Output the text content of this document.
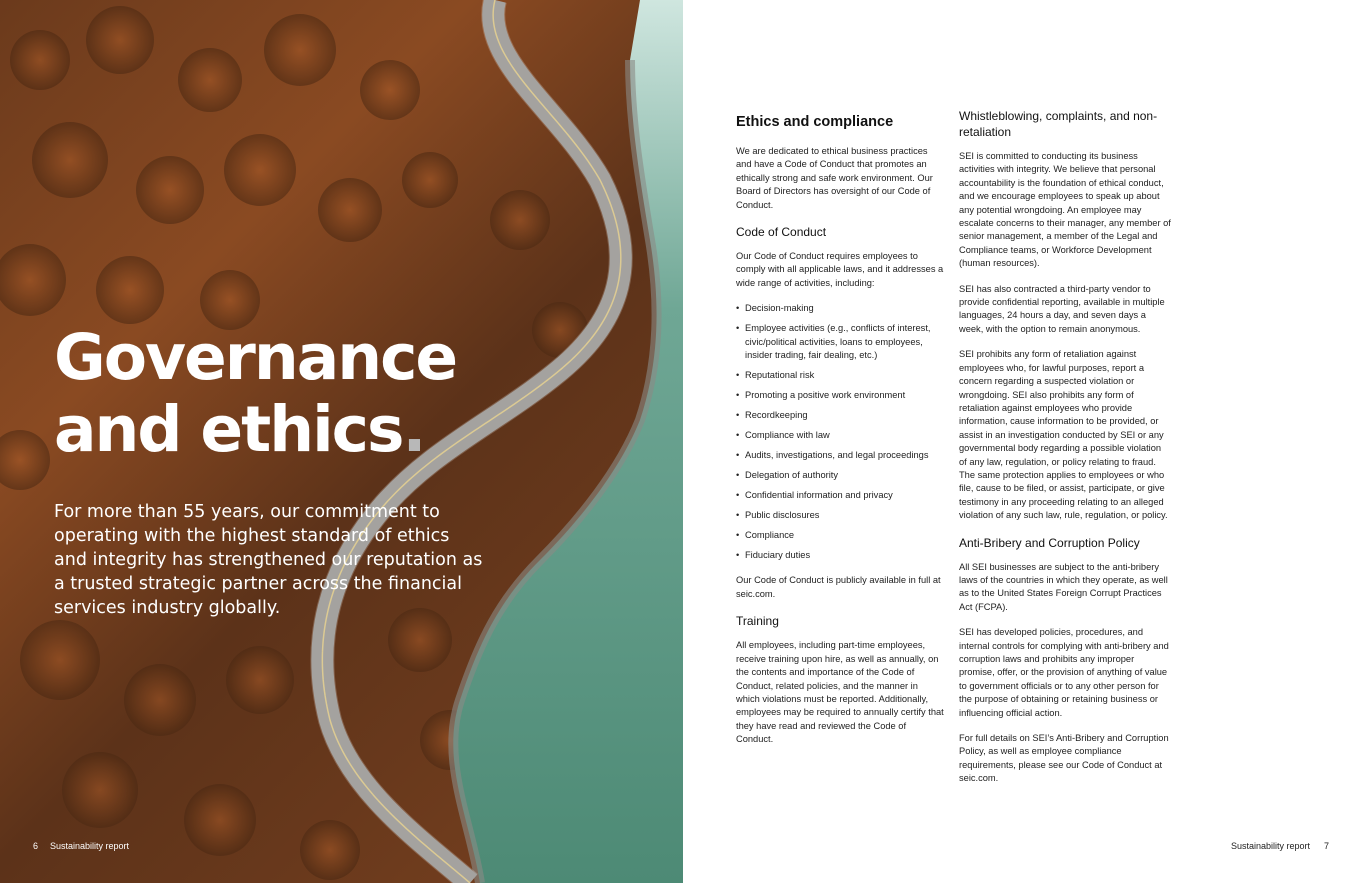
Governance
and ethics.

For more than 55 years, our commitment to operating with the highest standard of ethics and integrity has strengthened our reputation as a trusted strategic partner across the financial services industry globally.

6 Sustainability report
Ethics and compliance

We are dedicated to ethical business practices and have a Code of Conduct that promotes an ethically strong and safe work environment. Our Board of Directors has oversight of our Code of Conduct.

Code of Conduct

Our Code of Conduct requires employees to comply with all applicable laws, and it addresses a wide range of activities, including:

• Decision-making
• Employee activities (e.g., conflicts of interest, civic/political activities, loans to employees, insider trading, fair dealing, etc.)
• Reputational risk
• Promoting a positive work environment
• Recordkeeping
• Compliance with law
• Audits, investigations, and legal proceedings
• Delegation of authority
• Confidential information and privacy
• Public disclosures
• Compliance
• Fiduciary duties

Our Code of Conduct is publicly available in full at seic.com.

Training

All employees, including part-time employees, receive training upon hire, as well as annually, on the contents and importance of the Code of Conduct, related policies, and the manner in which violations must be reported. Additionally, employees may be required to annually certify that they have read and reviewed the Code of Conduct.

Whistleblowing, complaints, and non-retaliation

SEI is committed to conducting its business activities with integrity. We believe that personal accountability is the foundation of ethical conduct, and we encourage employees to speak up about any potential wrongdoing. An employee may escalate concerns to their manager, any member of senior management, a member of the Legal and Compliance teams, or Workforce Development (human resources).

SEI has also contracted a third-party vendor to provide confidential reporting, available in multiple languages, 24 hours a day, and seven days a week, with the option to remain anonymous.

SEI prohibits any form of retaliation against employees who, for lawful purposes, report a concern regarding a suspected violation or wrongdoing. SEI also prohibits any form of retaliation against employees who provide information, cause information to be provided, or assist in an investigation conducted by SEI or any governmental body regarding a possible violation of any law, regulation, or policy relating to fraud. The same protection applies to employees or who file, cause to be filed, or assist, participate, or give testimony in any proceeding relating to an alleged violation of any such law, rule, regulation, or policy.

Anti-Bribery and Corruption Policy

All SEI businesses are subject to the anti-bribery laws of the countries in which they operate, as well as to the United States Foreign Corrupt Practices Act (FCPA).

SEI has developed policies, procedures, and internal controls for complying with anti-bribery and corruption laws and prohibits any improper promise, offer, or the provision of anything of value to government officials or to any other person for the purpose of obtaining or retaining business or influencing official action.

For full details on SEI’s Anti-Bribery and Corruption Policy, as well as employee compliance requirements, please see our Code of Conduct at seic.com.

Sustainability report 7
